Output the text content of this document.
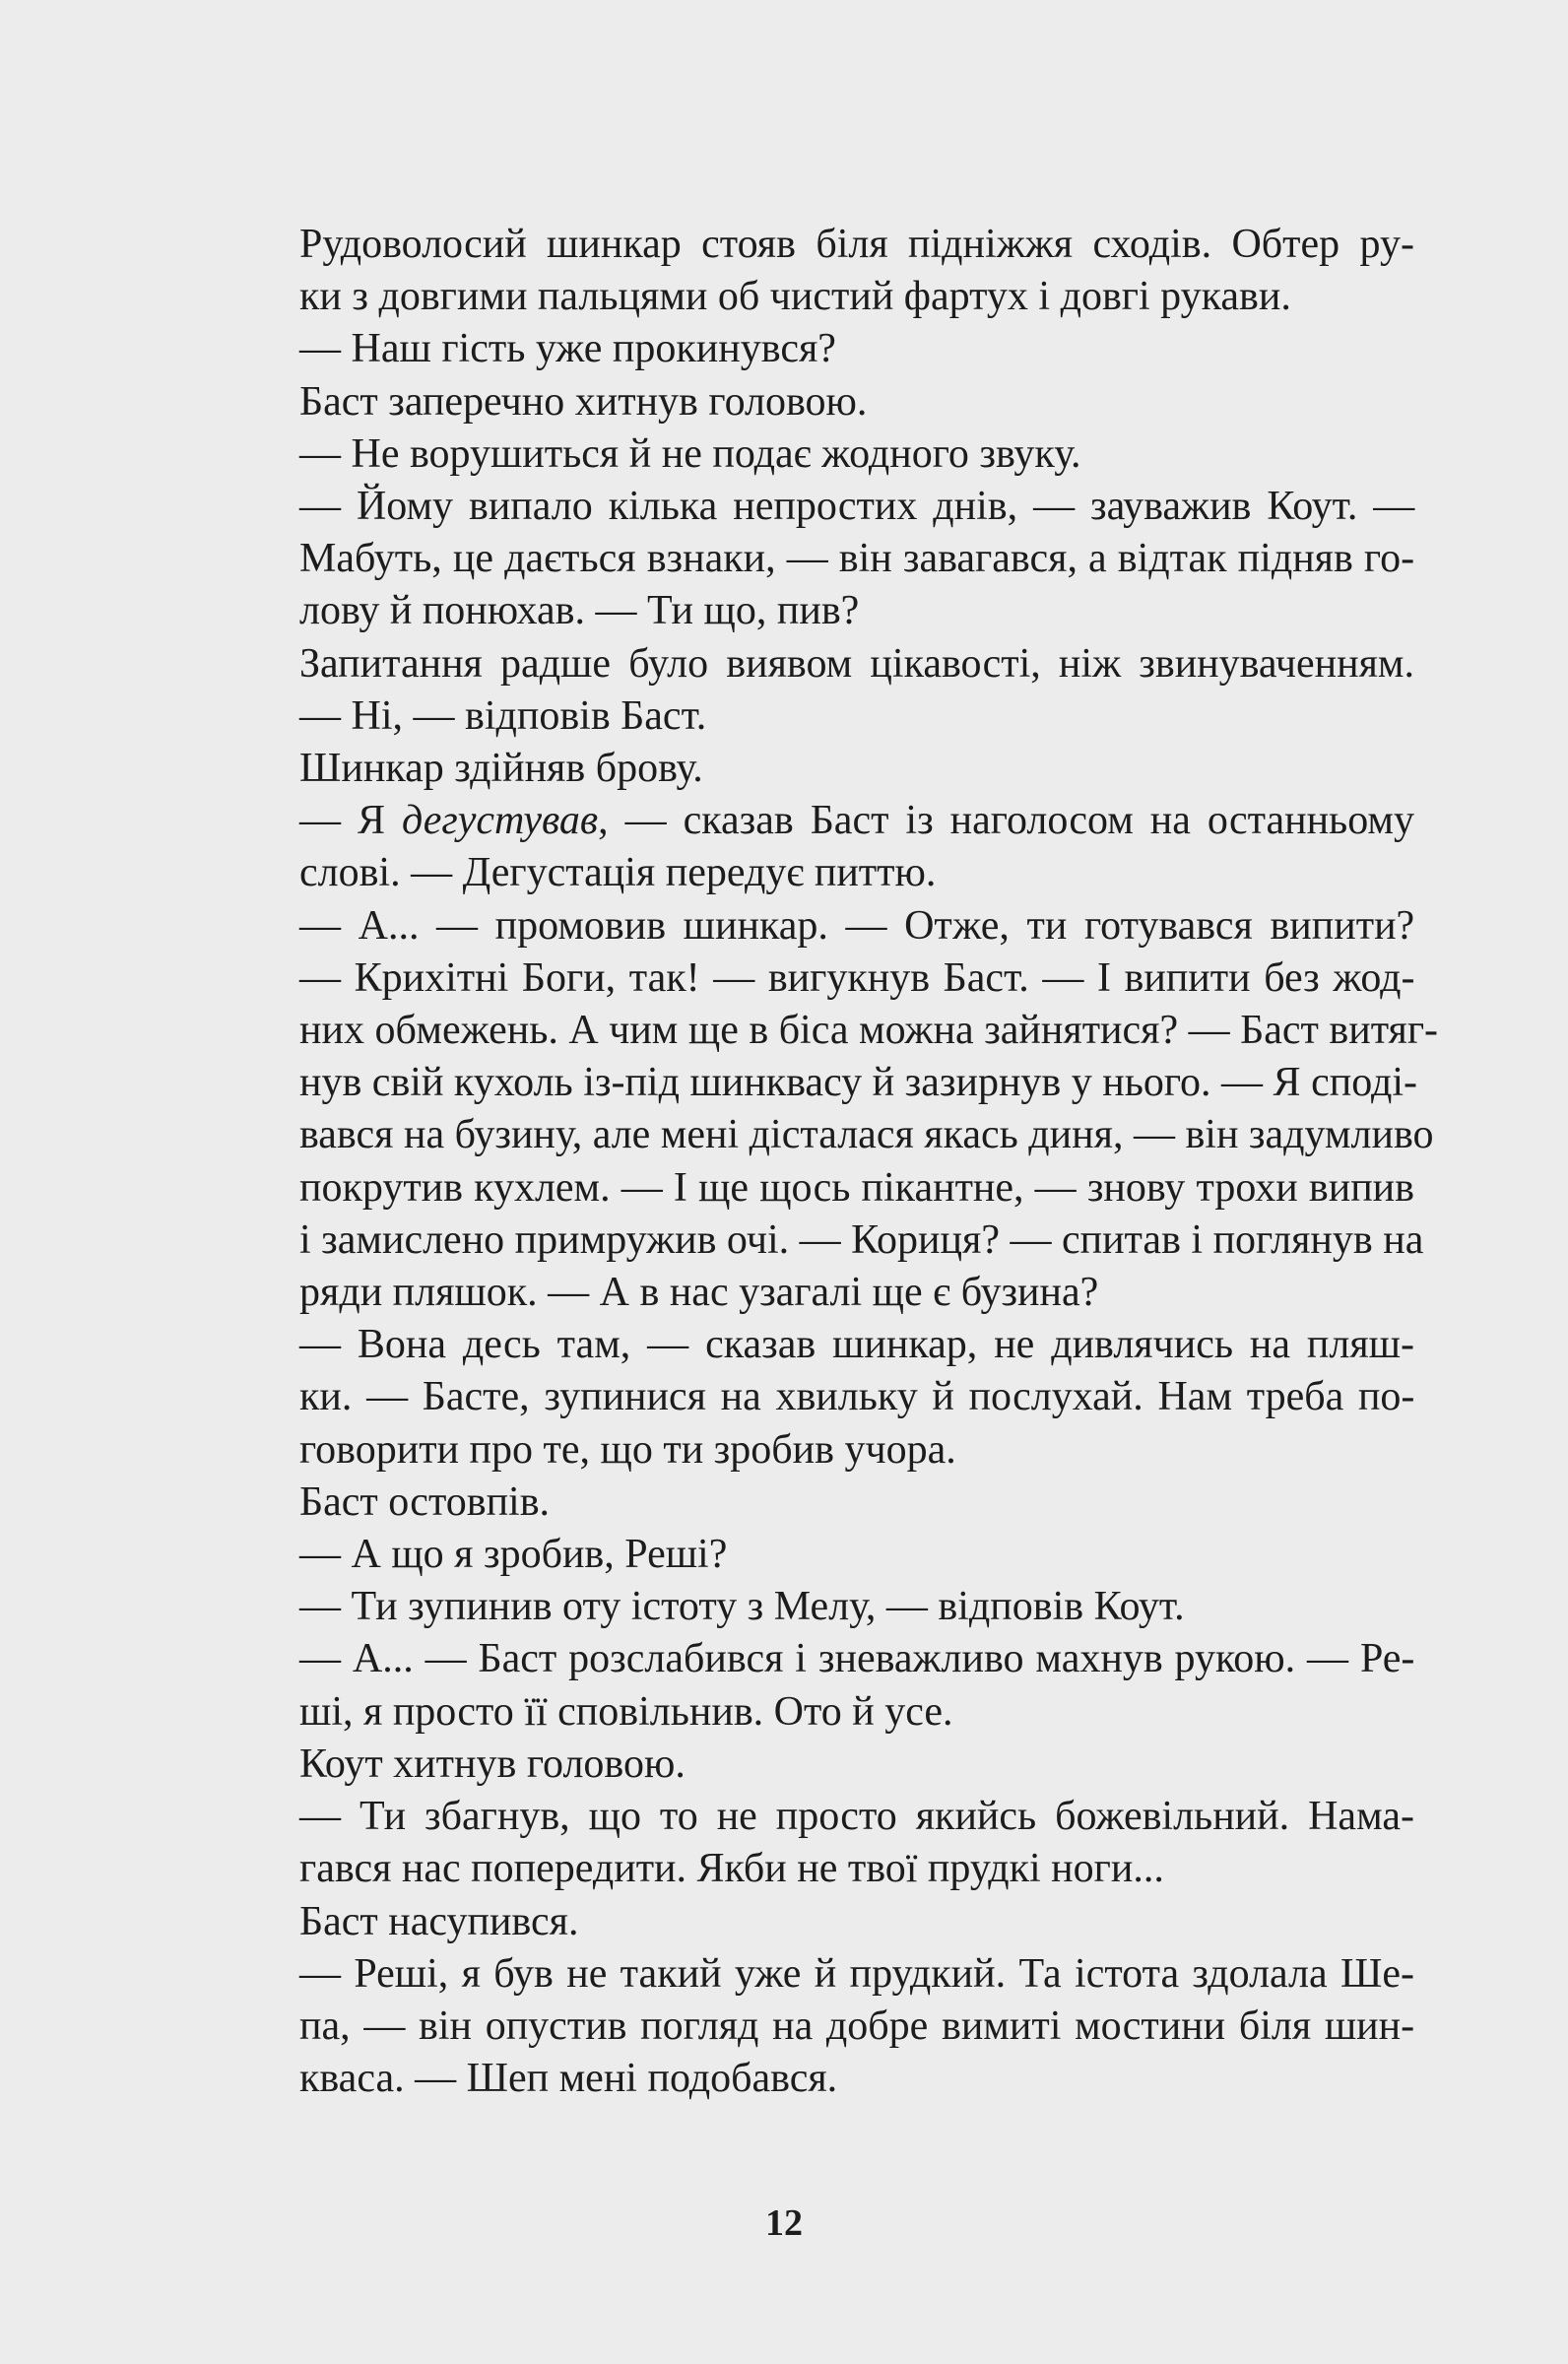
Рудоволосий шинкар стояв біля підніжжя сходів. Обтер ру-
ки з довгими пальцями об чистий фартух і довгі рукави.
— Наш гість уже прокинувся?
Баст заперечно хитнув головою.
— Не ворушиться й не подає жодного звуку.
— Йому випало кілька непростих днів, — зауважив Коут. —
Мабуть, це дається взнаки, — він завагався, а відтак підняв го-
лову й понюхав. — Ти що, пив?
Запитання радше було виявом цікавості, ніж звинуваченням.
— Ні, — відповів Баст.
Шинкар здійняв брову.
— Я дегустував, — сказав Баст із наголосом на останньому
слові. — Дегустація передує питтю.
— А... — промовив шинкар. — Отже, ти готувався випити?
— Крихітні Боги, так! — вигукнув Баст. — І випити без жод-
них обмежень. А чим ще в біса можна зайнятися? — Баст витяг-
нув свій кухоль із-під шинквасу й зазирнув у нього. — Я споді-
вався на бузину, але мені дісталася якась диня, — він задумливо
покрутив кухлем. — І ще щось пікантне, — знову трохи випив
і замислено примружив очі. — Кориця? — спитав і поглянув на
ряди пляшок. — А в нас узагалі ще є бузина?
— Вона десь там, — сказав шинкар, не дивлячись на пляш-
ки. — Басте, зупинися на хвильку й послухай. Нам треба по-
говорити про те, що ти зробив учора.
Баст остовпів.
— А що я зробив, Реші?
— Ти зупинив оту істоту з Мелу, — відповів Коут.
— А... — Баст розслабився і зневажливо махнув рукою. — Ре-
ші, я просто її сповільнив. Ото й усе.
Коут хитнув головою.
— Ти збагнув, що то не просто якийсь божевільний. Нама-
гався нас попередити. Якби не твої прудкі ноги...
Баст насупився.
— Реші, я був не такий уже й прудкий. Та істота здолала Ше-
па, — він опустив погляд на добре вимиті мостини біля шин-
кваса. — Шеп мені подобався.
12
